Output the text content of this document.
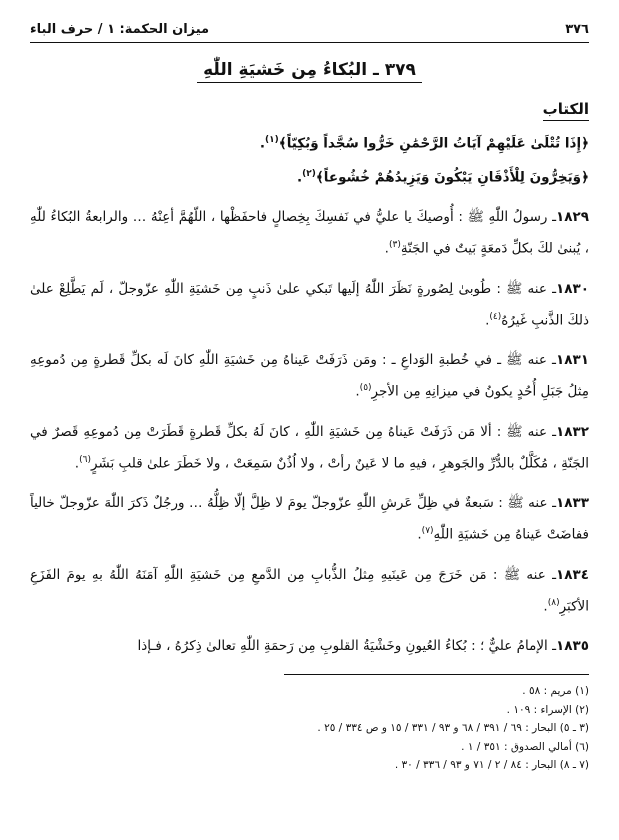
٣٧٦
ميزان الحكمة: ١ / حرف الباء
٣٧٩ ـ البُكاءُ مِن خَشيَةِ اللّٰهِ
الكتاب

﴿إِذَا تُتْلَىٰ عَلَيْهِمْ آيَاتُ الرَّحْمَٰنِ خَرُّوا سُجَّداً وَبُكِيّاً﴾$^{(١)}$.

﴿وَيَخِرُّونَ لِلْأَذْقَانِ يَبْكُونَ وَيَزِيدُهُمْ خُشُوعاً﴾$^{(٢)}$.

١٨٢٩ـ رسولُ اللّٰهِ ﷺ : أُوصيكَ يا عليُّ في نَفسِكَ بِخِصالٍ فاحفَظْها ، اللّهُمَّ أعِنْهُ … والرابعةُ البُكاءُ للّٰهِ ، يُبنىٰ لكَ بكلِّ دَمعَةٍ بَيتٌ في الجَنّةِ$^{(٣)}$.

١٨٣٠ـ عنه ﷺ : طُوبىٰ لِصُورةٍ نَظَرَ اللّٰهُ إلَيها تَبكي علىٰ ذَنبٍ مِن خَشيَةِ اللّٰهِ عزّوجلّ ، لَم يَطَّلِعْ علىٰ ذلكَ الذَّنبِ غَيرُهُ$^{(٤)}$.

١٨٣١ـ عنه ﷺ ـ في خُطبةِ الوَداعِ ـ : ومَن ذَرَفَتْ عَيناهُ مِن خَشيَةِ اللّٰهِ كانَ لَه بكلِّ قَطرةٍ مِن دُموعِهِ مِثلُ جَبَلِ أُحُدٍ يكونُ في ميزانِهِ مِن الأجرِ$^{(٥)}$.

١٨٣٢ـ عنه ﷺ : ألا مَن ذَرَفَتْ عَيناهُ مِن خَشيَةِ اللّٰهِ ، كانَ لَهُ بكلِّ قَطرةٍ قَطَرَتْ مِن دُموعِهِ قَصرٌ في الجَنّةِ ، مُكَلَّلٌ بالدُّرِّ والجَوهرِ ، فيهِ ما لا عَينٌ رأتْ ، ولا اُذُنٌ سَمِعَتْ ، ولا خَطَرَ علىٰ قلبِ بَشَرٍ$^{(٦)}$.

١٨٣٣ـ عنه ﷺ : سَبعةٌ في ظِلِّ عَرشِ اللّٰهِ عزّوجلّ يومَ لا ظِلَّ إلّا ظِلُّهُ … ورجُلٌ ذَكرَ اللّٰهَ عزّوجلّ خالياً ففاضَتْ عَيناهُ مِن خَشيَةِ اللّٰهِ$^{(٧)}$.

١٨٣٤ـ عنه ﷺ : مَن خَرَجَ مِن عَينَيهِ مِثلُ الذُّبابِ مِن الدَّمعِ مِن خَشيَةِ اللّٰهِ آمَنَهُ اللّٰهُ بهِ يومَ الفَزَعِ الأكبَرِ$^{(٨)}$.

١٨٣٥ـ الإمامُ عليٌّ ؛ : بُكاءُ العُيونِ وخَشْيَةُ القلوبِ مِن رَحمَةِ اللّٰهِ تعالىٰ ذِكرُهُ ، فـإذا

(١) مريم : ٥٨ .
(٢) الإسراء : ١٠٩ .
(٣ ـ ٥) البحار : ٦٩ / ٣٩١ / ٦٨ و ٩٣ / ٣٣١ / ١٥ و ص ٣٣٤ / ٢٥ .
(٦) أمالي الصدوق : ٣٥١ / ١ .
(٧ ـ ٨) البحار : ٨٤ / ٢ / ٧١ و ٩٣ / ٣٣٦ / ٣٠ .
